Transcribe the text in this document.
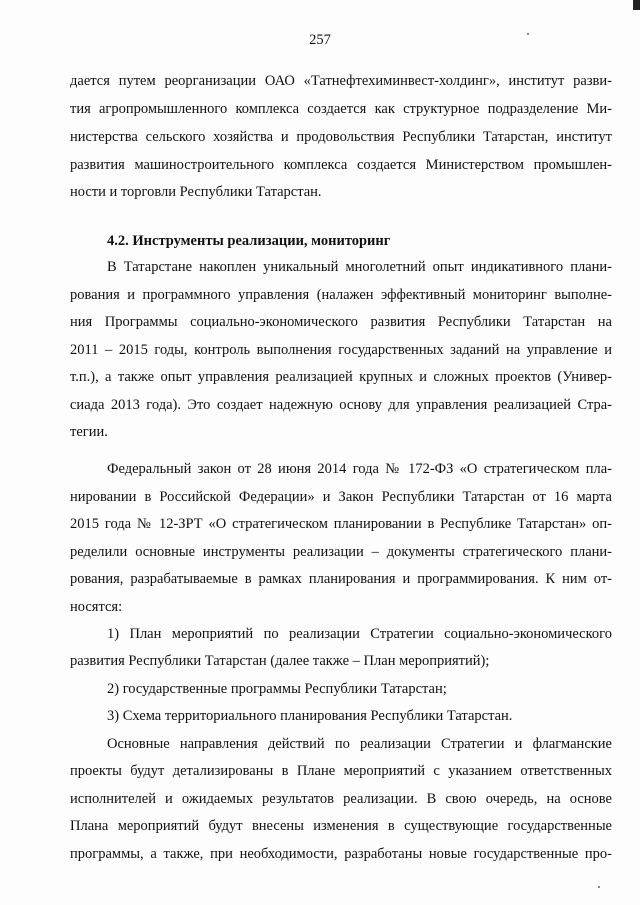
257
дается путем реорганизации ОАО «Татнефтехиминвест-холдинг», институт разви-
тия агропромышленного комплекса создается как структурное подразделение Ми-
нистерства сельского хозяйства и продовольствия Республики Татарстан, институт
развития машиностроительного комплекса создается Министерством промышлен-
ности и торговли Республики Татарстан.
4.2. Инструменты реализации, мониторинг
В Татарстане накоплен уникальный многолетний опыт индикативного плани-
рования и программного управления (налажен эффективный мониторинг выполне-
ния Программы социально-экономического развития Республики Татарстан на
2011 – 2015 годы, контроль выполнения государственных заданий на управление и
т.п.), а также опыт управления реализацией крупных и сложных проектов (Универ-
сиада 2013 года). Это создает надежную основу для управления реализацией Стра-
тегии.
Федеральный закон от 28 июня 2014 года № 172-ФЗ «О стратегическом пла-
нировании в Российской Федерации» и Закон Республики Татарстан от 16 марта
2015 года № 12-ЗРТ «О стратегическом планировании в Республике Татарстан» оп-
ределили основные инструменты реализации – документы стратегического плани-
рования, разрабатываемые в рамках планирования и программирования. К ним от-
носятся:
1) План мероприятий по реализации Стратегии социально-экономического
развития Республики Татарстан (далее также – План мероприятий);
2) государственные программы Республики Татарстан;
3) Схема территориального планирования Республики Татарстан.
Основные направления действий по реализации Стратегии и флагманские
проекты будут детализированы в Плане мероприятий с указанием ответственных
исполнителей и ожидаемых результатов реализации. В свою очередь, на основе
Плана мероприятий будут внесены изменения в существующие государственные
программы, а также, при необходимости, разработаны новые государственные про-
